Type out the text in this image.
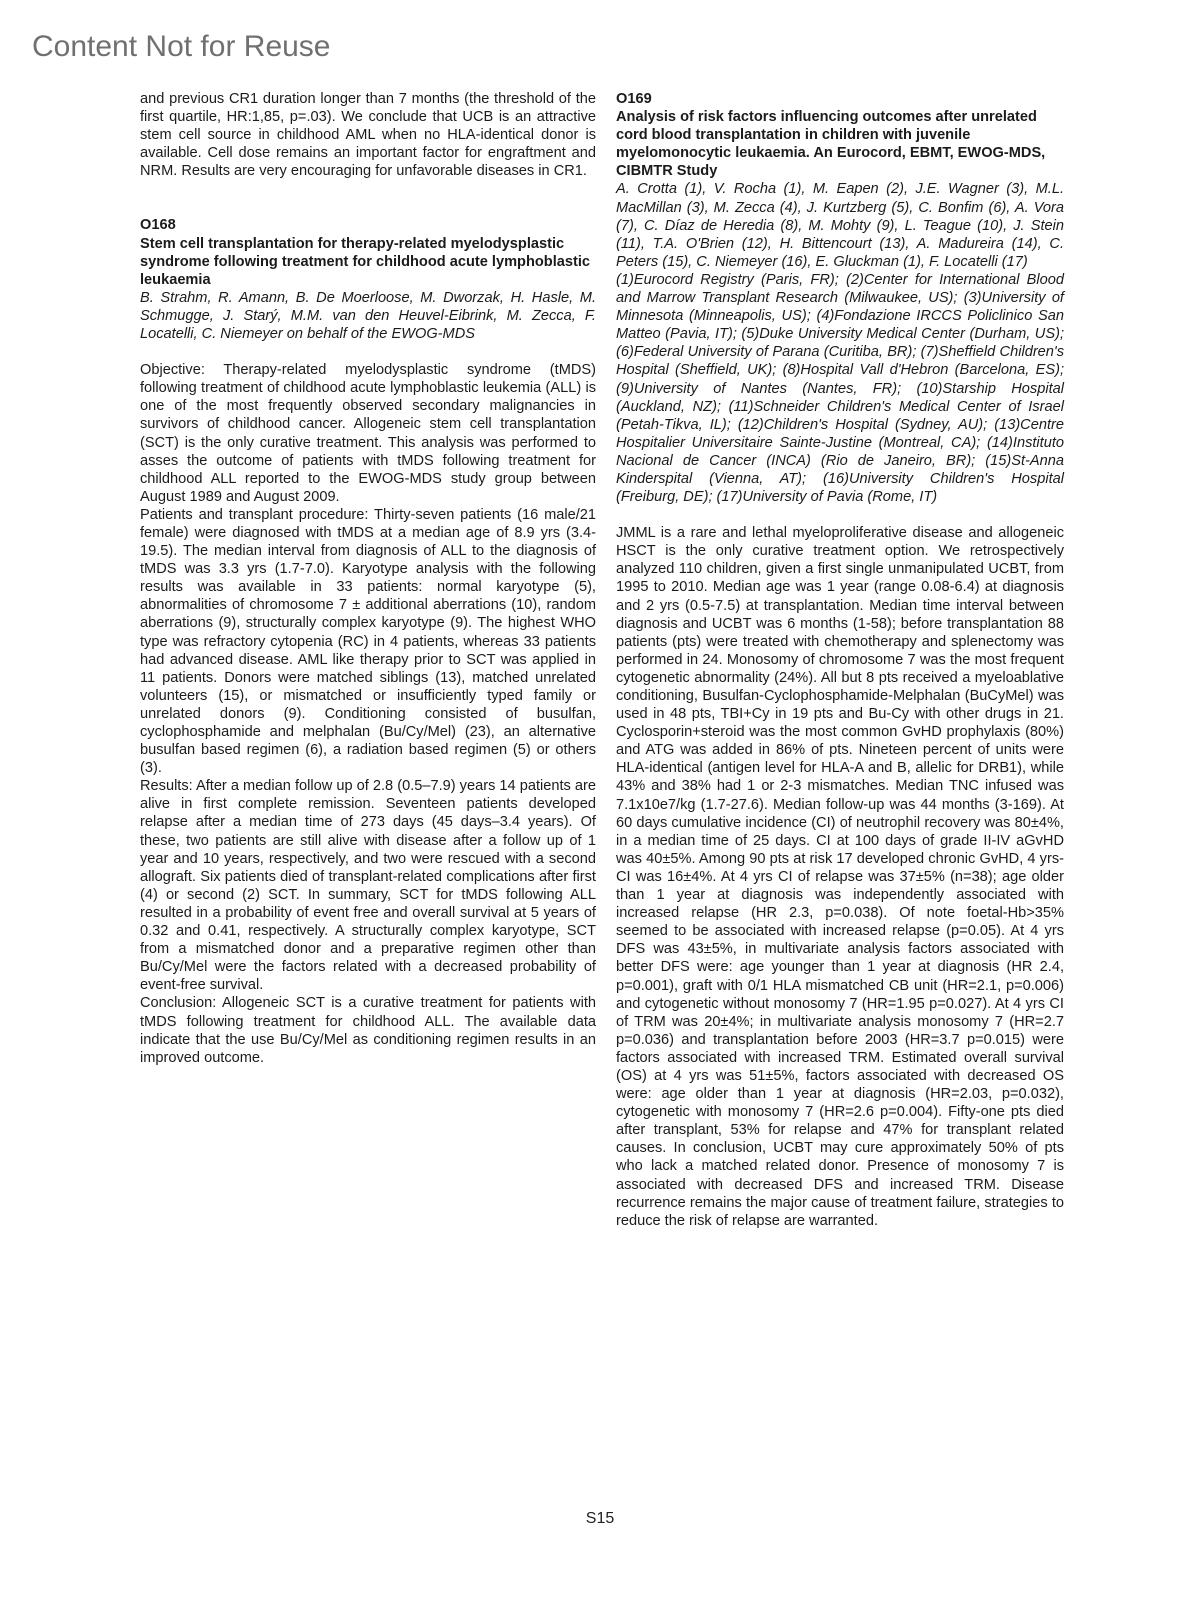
Content Not for Reuse

and previous CR1 duration longer than 7 months (the threshold of the first quartile, HR:1,85, p=.03). We conclude that UCB is an attractive stem cell source in childhood AML when no HLA-identical donor is available. Cell dose remains an important factor for engraftment and NRM. Results are very encouraging for unfavorable diseases in CR1.

O168

Stem cell transplantation for therapy-related myelodysplastic syndrome following treatment for childhood acute lymphoblastic leukaemia

B. Strahm, R. Amann, B. De Moerloose, M. Dworzak, H. Hasle, M. Schmugge, J. Starý, M.M. van den Heuvel-Eibrink, M. Zecca, F. Locatelli, C. Niemeyer on behalf of the EWOG-MDS

Objective: Therapy-related myelodysplastic syndrome (tMDS) following treatment of childhood acute lymphoblastic leukemia (ALL) is one of the most frequently observed secondary malignancies in survivors of childhood cancer. Allogeneic stem cell transplantation (SCT) is the only curative treatment. This analysis was performed to asses the outcome of patients with tMDS following treatment for childhood ALL reported to the EWOG-MDS study group between August 1989 and August 2009.

Patients and transplant procedure: Thirty-seven patients (16 male/21 female) were diagnosed with tMDS at a median age of 8.9 yrs (3.4-19.5). The median interval from diagnosis of ALL to the diagnosis of tMDS was 3.3 yrs (1.7-7.0). Karyotype analysis with the following results was available in 33 patients: normal karyotype (5), abnormalities of chromosome 7 ± additional aberrations (10), random aberrations (9), structurally complex karyotype (9). The highest WHO type was refractory cytopenia (RC) in 4 patients, whereas 33 patients had advanced disease. AML like therapy prior to SCT was applied in 11 patients. Donors were matched siblings (13), matched unrelated volunteers (15), or mismatched or insufficiently typed family or unrelated donors (9). Conditioning consisted of busulfan, cyclophosphamide and melphalan (Bu/Cy/Mel) (23), an alternative busulfan based regimen (6), a radiation based regimen (5) or others (3).

Results: After a median follow up of 2.8 (0.5–7.9) years 14 patients are alive in first complete remission. Seventeen patients developed relapse after a median time of 273 days (45 days–3.4 years). Of these, two patients are still alive with disease after a follow up of 1 year and 10 years, respectively, and two were rescued with a second allograft. Six patients died of transplant-related complications after first (4) or second (2) SCT. In summary, SCT for tMDS following ALL resulted in a probability of event free and overall survival at 5 years of 0.32 and 0.41, respectively. A structurally complex karyotype, SCT from a mismatched donor and a preparative regimen other than Bu/Cy/Mel were the factors related with a decreased probability of event-free survival.

Conclusion: Allogeneic SCT is a curative treatment for patients with tMDS following treatment for childhood ALL. The available data indicate that the use Bu/Cy/Mel as conditioning regimen results in an improved outcome.

O169

Analysis of risk factors influencing outcomes after unrelated cord blood transplantation in children with juvenile myelomonocytic leukaemia. An Eurocord, EBMT, EWOG-MDS, CIBMTR Study

A. Crotta (1), V. Rocha (1), M. Eapen (2), J.E. Wagner (3), M.L. MacMillan (3), M. Zecca (4), J. Kurtzberg (5), C. Bonfim (6), A. Vora (7), C. Díaz de Heredia (8), M. Mohty (9), L. Teague (10), J. Stein (11), T.A. O'Brien (12), H. Bittencourt (13), A. Madureira (14), C. Peters (15), C. Niemeyer (16), E. Gluckman (1), F. Locatelli (17)

(1)Eurocord Registry (Paris, FR); (2)Center for International Blood and Marrow Transplant Research (Milwaukee, US); (3)University of Minnesota (Minneapolis, US); (4)Fondazione IRCCS Policlinico San Matteo (Pavia, IT); (5)Duke University Medical Center (Durham, US); (6)Federal University of Parana (Curitiba, BR); (7)Sheffield Children's Hospital (Sheffield, UK); (8)Hospital Vall d'Hebron (Barcelona, ES); (9)University of Nantes (Nantes, FR); (10)Starship Hospital (Auckland, NZ); (11)Schneider Children's Medical Center of Israel (Petah-Tikva, IL); (12)Children's Hospital (Sydney, AU); (13)Centre Hospitalier Universitaire Sainte-Justine (Montreal, CA); (14)Instituto Nacional de Cancer (INCA) (Rio de Janeiro, BR); (15)St-Anna Kinderspital (Vienna, AT); (16)University Children's Hospital (Freiburg, DE); (17)University of Pavia (Rome, IT)

JMML is a rare and lethal myeloproliferative disease and allogeneic HSCT is the only curative treatment option. We retrospectively analyzed 110 children, given a first single unmanipulated UCBT, from 1995 to 2010. Median age was 1 year (range 0.08-6.4) at diagnosis and 2 yrs (0.5-7.5) at transplantation. Median time interval between diagnosis and UCBT was 6 months (1-58); before transplantation 88 patients (pts) were treated with chemotherapy and splenectomy was performed in 24. Monosomy of chromosome 7 was the most frequent cytogenetic abnormality (24%). All but 8 pts received a myeloablative conditioning, Busulfan-Cyclophosphamide-Melphalan (BuCyMel) was used in 48 pts, TBI+Cy in 19 pts and Bu-Cy with other drugs in 21. Cyclosporin+steroid was the most common GvHD prophylaxis (80%) and ATG was added in 86% of pts. Nineteen percent of units were HLA-identical (antigen level for HLA-A and B, allelic for DRB1), while 43% and 38% had 1 or 2-3 mismatches. Median TNC infused was 7.1x10e7/kg (1.7-27.6). Median follow-up was 44 months (3-169). At 60 days cumulative incidence (CI) of neutrophil recovery was 80±4%, in a median time of 25 days. CI at 100 days of grade II-IV aGvHD was 40±5%. Among 90 pts at risk 17 developed chronic GvHD, 4 yrs-CI was 16±4%. At 4 yrs CI of relapse was 37±5% (n=38); age older than 1 year at diagnosis was independently associated with increased relapse (HR 2.3, p=0.038). Of note foetal-Hb>35% seemed to be associated with increased relapse (p=0.05). At 4 yrs DFS was 43±5%, in multivariate analysis factors associated with better DFS were: age younger than 1 year at diagnosis (HR 2.4, p=0.001), graft with 0/1 HLA mismatched CB unit (HR=2.1, p=0.006) and cytogenetic without monosomy 7 (HR=1.95 p=0.027). At 4 yrs CI of TRM was 20±4%; in multivariate analysis monosomy 7 (HR=2.7 p=0.036) and transplantation before 2003 (HR=3.7 p=0.015) were factors associated with increased TRM. Estimated overall survival (OS) at 4 yrs was 51±5%, factors associated with decreased OS were: age older than 1 year at diagnosis (HR=2.03, p=0.032), cytogenetic with monosomy 7 (HR=2.6 p=0.004). Fifty-one pts died after transplant, 53% for relapse and 47% for transplant related causes. In conclusion, UCBT may cure approximately 50% of pts who lack a matched related donor. Presence of monosomy 7 is associated with decreased DFS and increased TRM. Disease recurrence remains the major cause of treatment failure, strategies to reduce the risk of relapse are warranted.

S15
